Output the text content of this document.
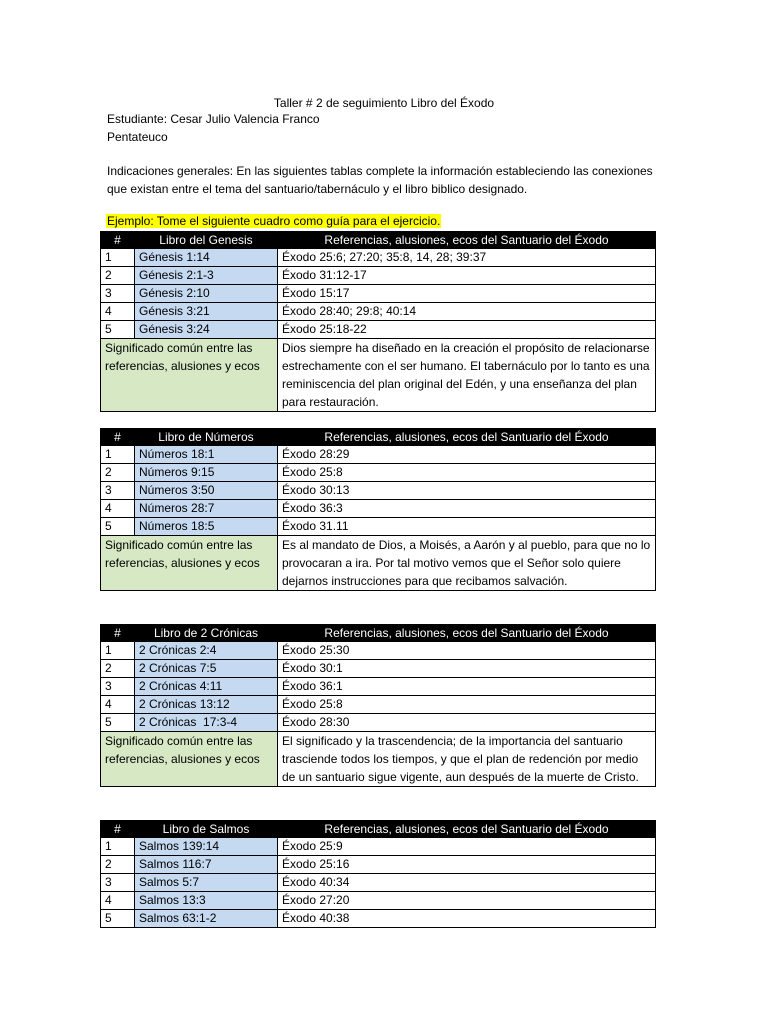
Taller # 2 de seguimiento Libro del Éxodo
Estudiante: Cesar Julio Valencia Franco
Pentateuco
Indicaciones generales: En las siguientes tablas complete la información estableciendo las conexiones que existan entre el tema del santuario/tabernáculo y el libro biblico designado.
Ejemplo: Tome el siguiente cuadro como guía para el ejercicio.
#	Libro del Genesis	Referencias, alusiones, ecos del Santuario del Éxodo
1	Génesis 1:14	Éxodo 25:6; 27:20; 35:8, 14, 28; 39:37
2	Génesis 2:1-3	Éxodo 31:12-17
3	Génesis 2:10	Éxodo 15:17
4	Génesis 3:21	Éxodo 28:40; 29:8; 40:14
5	Génesis 3:24	Éxodo 25:18-22
Significado común entre las referencias, alusiones y ecos		Dios siempre ha diseñado en la creación el propósito de relacionarse estrechamente con el ser humano. El tabernáculo por lo tanto es una reminiscencia del plan original del Edén, y una enseñanza del plan para restauración.
#	Libro de Números	Referencias, alusiones, ecos del Santuario del Éxodo
1	Números 18:1	Éxodo 28:29
2	Números 9:15	Éxodo 25:8
3	Números 3:50	Éxodo 30:13
4	Números 28:7	Éxodo 36:3
5	Números 18:5	Éxodo 31.11
Significado común entre las referencias, alusiones y ecos		Es al mandato de Dios, a Moisés, a Aarón y al pueblo, para que no lo provocaran a ira. Por tal motivo vemos que el Señor solo quiere dejarnos instrucciones para que recibamos salvación.
#	Libro de 2 Crónicas	Referencias, alusiones, ecos del Santuario del Éxodo
1	2 Crónicas 2:4	Éxodo 25:30
2	2 Crónicas 7:5	Éxodo 30:1
3	2 Crónicas 4:11	Éxodo 36:1
4	2 Crónicas 13:12	Éxodo 25:8
5	2 Crónicas  17:3-4	Éxodo 28:30
Significado común entre las referencias, alusiones y ecos		El significado y la trascendencia; de la importancia del santuario trasciende todos los tiempos, y que el plan de redención por medio de un santuario sigue vigente, aun después de la muerte de Cristo.
#	Libro de Salmos	Referencias, alusiones, ecos del Santuario del Éxodo
1	Salmos 139:14	Éxodo 25:9
2	Salmos 116:7	Éxodo 25:16
3	Salmos 5:7	Éxodo 40:34
4	Salmos 13:3	Éxodo 27:20
5	Salmos 63:1-2	Éxodo 40:38
